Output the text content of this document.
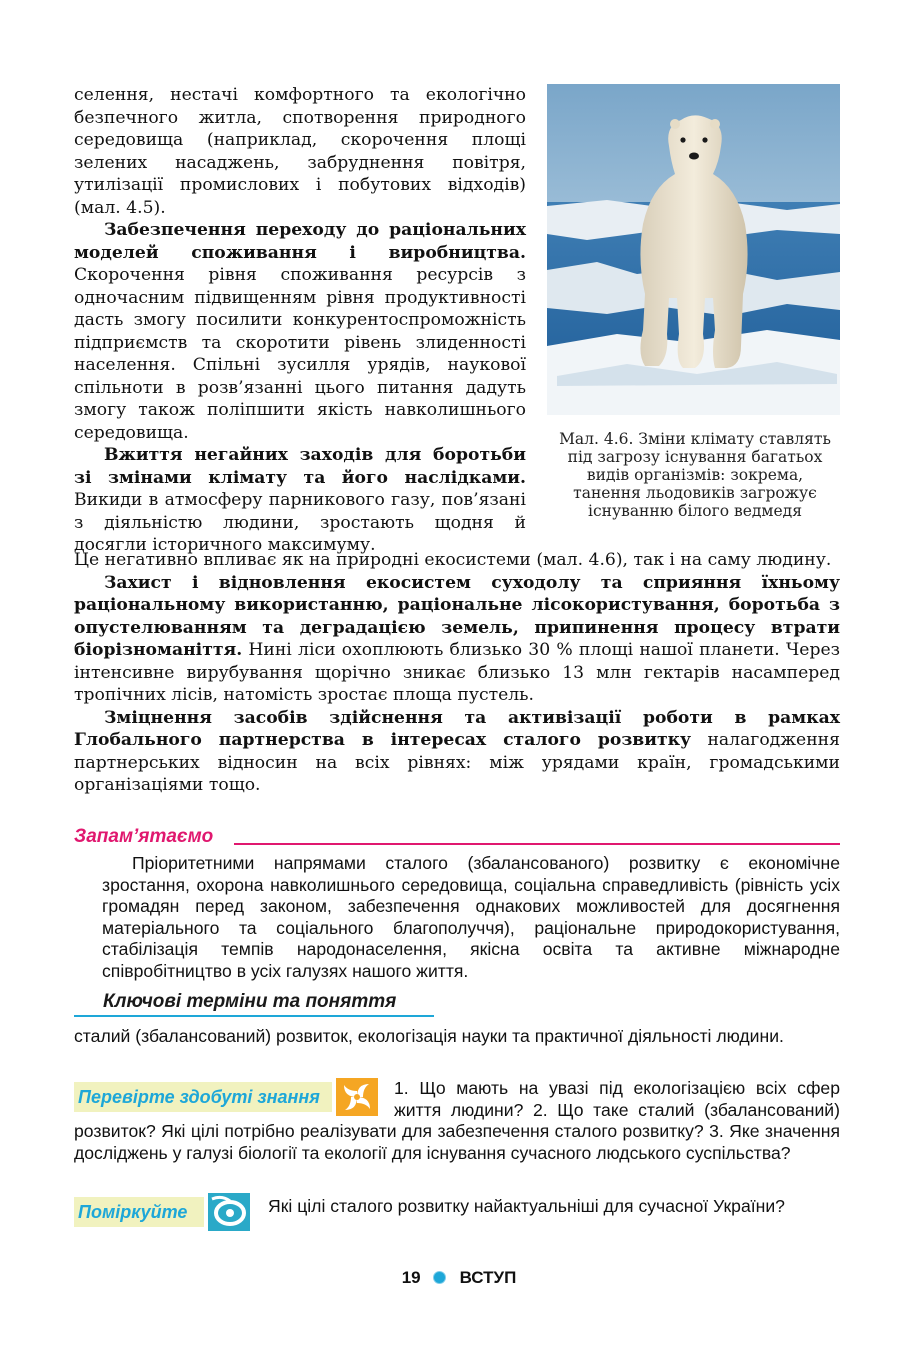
селення, нестачі комфортного та екологічно безпечного житла, спотворення природного середовища (наприклад, скорочення площі зелених насаджень, забруднення повітря, утилізації промислових і побутових відходів) (мал. 4.5).

Забезпечення переходу до раціональних моделей споживання і виробництва. Скорочення рівня споживання ресурсів з одночасним підвищенням рівня продуктивності дасть змогу посилити конкурентоспроможність підприємств та скоротити рівень злиденності населення. Спільні зусилля урядів, наукової спільноти в розв’язанні цього питання дадуть змогу також поліпшити якість навколишнього середовища.

Вжиття негайних заходів для боротьби зі змінами клімату та його наслідками. Викиди в атмосферу парникового газу, пов’язані з діяльністю людини, зростають щодня й досягли історичного максимуму.

Мал. 4.6. Зміни клімату ставлять під загрозу існування багатьох видів організмів: зокрема, танення льодовиків загрожує існуванню білого ведмедя

Це негативно впливає як на природні екосистеми (мал. 4.6), так і на саму людину.

Захист і відновлення екосистем суходолу та сприяння їхньому раціональному використанню, раціональне лісокористування, боротьба з опустелюванням та деградацією земель, припинення процесу втрати біорізноманіття. Нині ліси охоплюють близько 30 % площі нашої планети. Через інтенсивне вирубування щорічно зникає близько 13 млн гектарів насамперед тропічних лісів, натомість зростає площа пустель.

Зміцнення засобів здійснення та активізації роботи в рамках Глобального партнерства в інтересах сталого розвитку налагодження партнерських відносин на всіх рівнях: між урядами країн, громадськими організаціями тощо.

Запам’ятаємо

Пріоритетними напрямами сталого (збалансованого) розвитку є економічне зростання, охорона навколишнього середовища, соціальна справедливість (рівність усіх громадян перед законом, забезпечення однакових можливостей для досягнення матеріального та соціального благополуччя), раціональне природокористування, стабілізація темпів народонаселення, якісна освіта та активне міжнародне співробітництво в усіх галузях нашого життя.

Ключові терміни та поняття
сталий (збалансований) розвиток, екологізація науки та практичної діяльності людини.
1. Що мають на увазі під екологізацією всіх сфер життя людини? 2. Що таке сталий (збалансований) розвиток? Які цілі потрібно реалізувати для забезпечення сталого розвитку? 3. Яке значення досліджень у галузі біології та екології для існування сучасного людського суспільства?
Перевірте здобуті знання
Поміркуйте	Які цілі сталого розвитку найактуальніші для сучасної України?
19 ВСТУП
